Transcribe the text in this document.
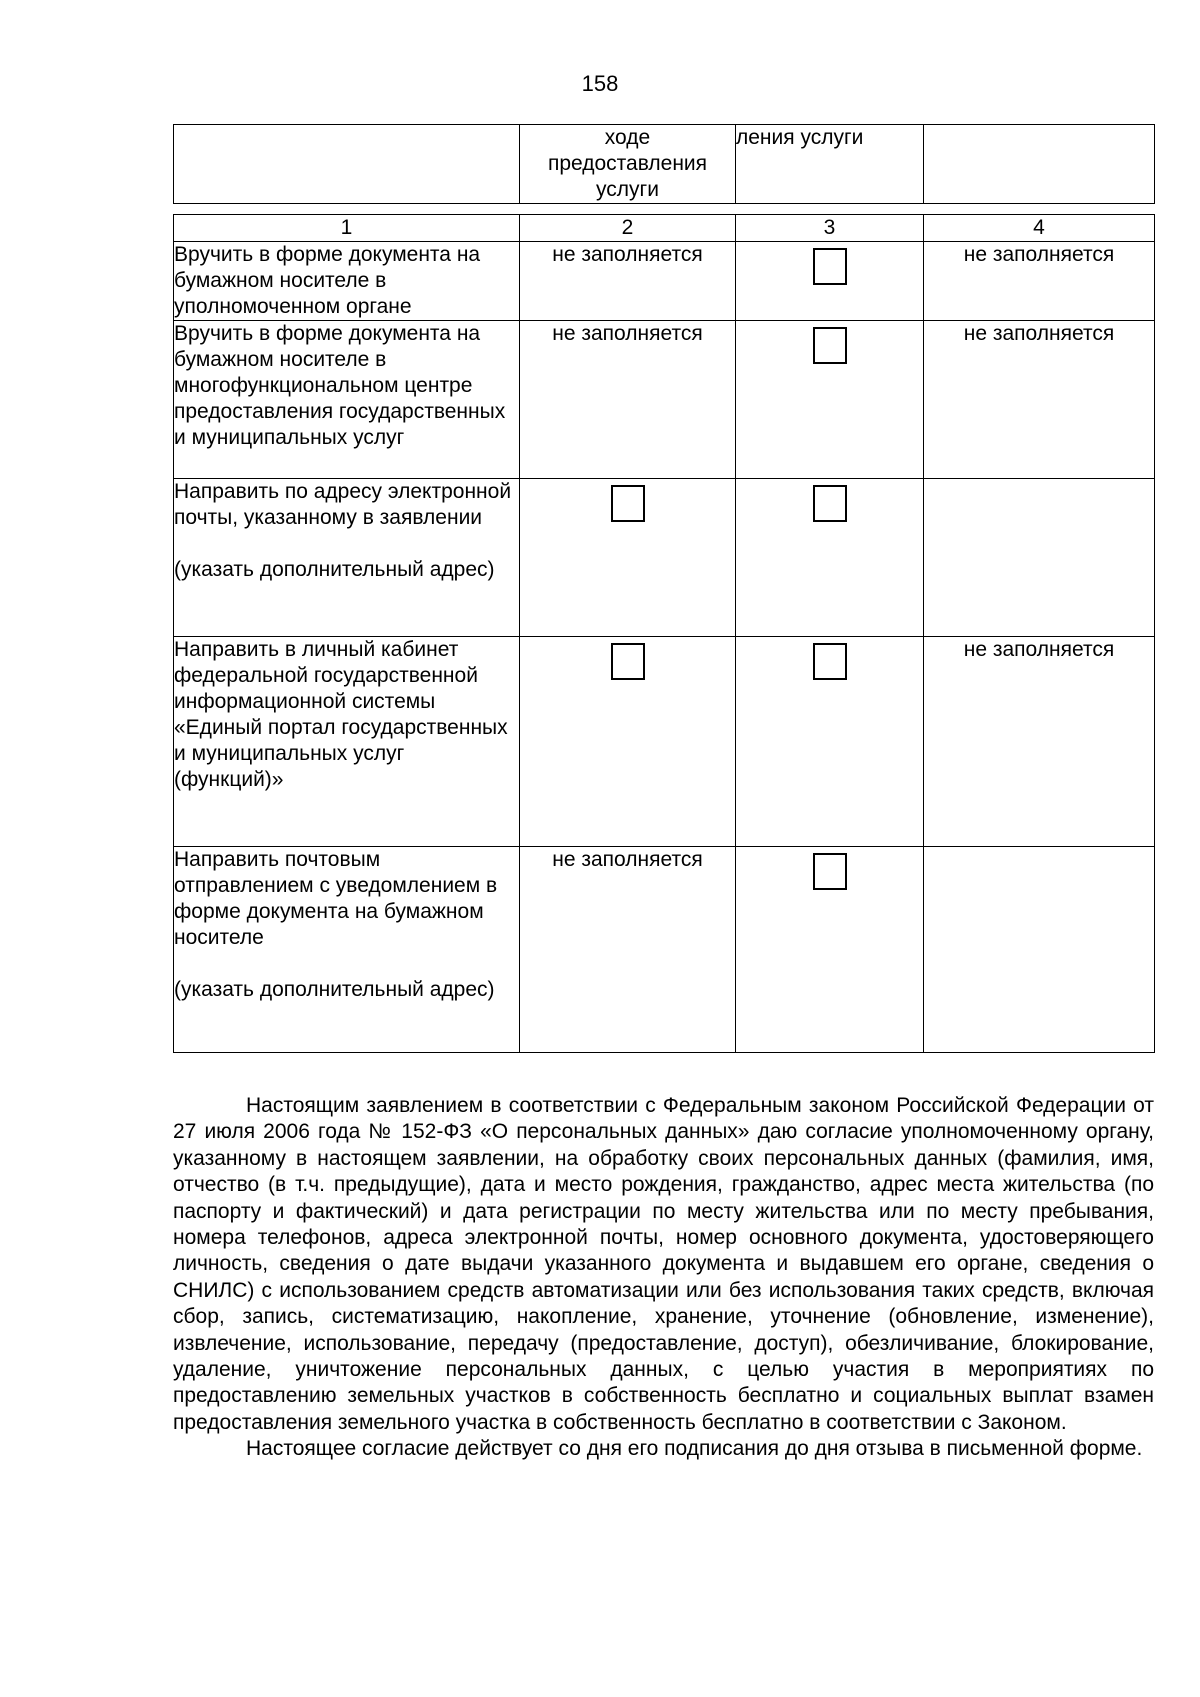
158
	ходе
предоставления
услуги	ления услуги	
1	2	3	4
Вручить в форме документа на бумажном носителе в уполномоченном органе	не заполняется		не заполняется
Вручить в форме документа на бумажном носителе в многофункциональном центре предоставления государственных и муниципальных услуг	не заполняется		не заполняется
Направить по адресу электронной почты, указанному в заявлении

(указать дополнительный адрес)			
Направить в личный кабинет федеральной государственной информационной системы «Единый портал государственных и муниципальных услуг (функций)»			не заполняется
Направить почтовым отправлением с уведомлением в форме документа на бумажном носителе

(указать дополнительный адрес)	не заполняется		

Настоящим заявлением в соответствии с Федеральным законом Российской Федерации от 27 июля 2006 года № 152-ФЗ «О персональных данных» даю согласие уполномоченному органу, указанному в настоящем заявлении, на обработку своих персональных данных (фамилия, имя, отчество (в т.ч. предыдущие), дата и место рождения, гражданство, адрес места жительства (по паспорту и фактический) и дата регистрации по месту жительства или по месту пребывания, номера телефонов, адреса электронной почты, номер основного документа, удостоверяющего личность, сведения о дате выдачи указанного документа и выдавшем его органе, сведения о СНИЛС) с использованием средств автоматизации или без использования таких средств, включая сбор, запись, систематизацию, накопление, хранение, уточнение (обновление, изменение), извлечение, использование, передачу (предоставление, доступ), обезличивание, блокирование, удаление, уничтожение персональных данных, с целью участия в мероприятиях по предоставлению земельных участков в собственность бесплатно и социальных выплат взамен предоставления земельного участка в собственность бесплатно в соответствии с Законом.

Настоящее согласие действует со дня его подписания до дня отзыва в письменной форме.
